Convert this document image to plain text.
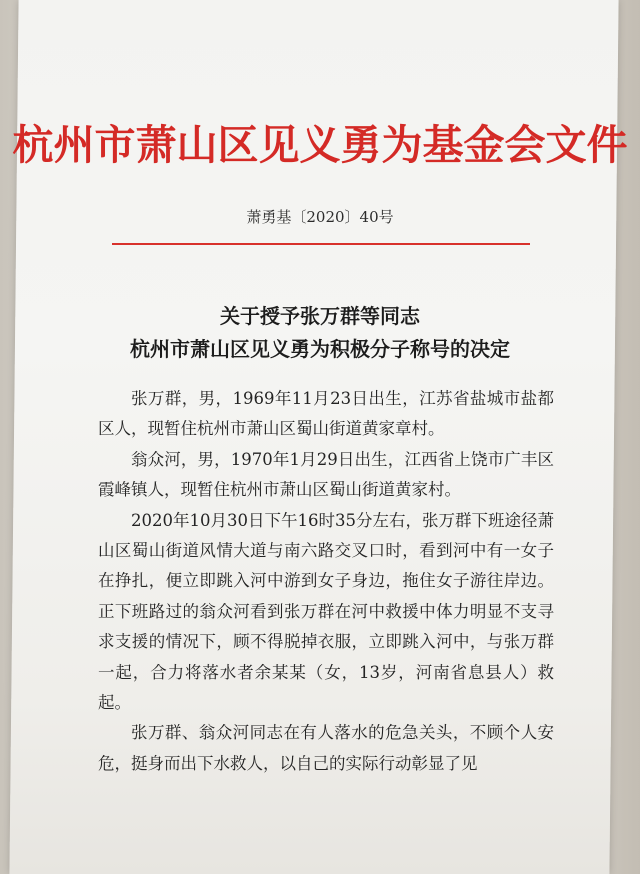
杭州市萧山区见义勇为基金会文件
萧勇基〔2020〕40号
关于授予张万群等同志
杭州市萧山区见义勇为积极分子称号的决定

张万群，男，1969年11月23日出生，江苏省盐城市盐都区人，现暂住杭州市萧山区蜀山街道黄家章村。

翁众河，男，1970年1月29日出生，江西省上饶市广丰区霞峰镇人，现暂住杭州市萧山区蜀山街道黄家村。

2020年10月30日下午16时35分左右，张万群下班途径萧山区蜀山街道风情大道与南六路交叉口时，看到河中有一女子在挣扎，便立即跳入河中游到女子身边，拖住女子游往岸边。正下班路过的翁众河看到张万群在河中救援中体力明显不支寻求支援的情况下，顾不得脱掉衣服，立即跳入河中，与张万群一起，合力将落水者余某某（女，13岁，河南省息县人）救起。

张万群、翁众河同志在有人落水的危急关头，不顾个人安危，挺身而出下水救人，以自己的实际行动彰显了见
